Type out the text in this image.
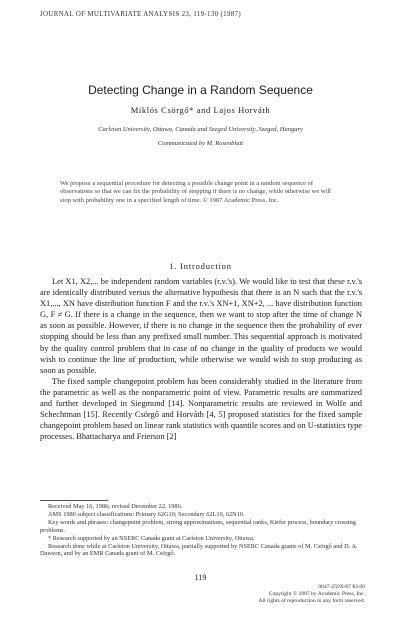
JOURNAL OF MULTIVARIATE ANALYSIS 23, 119-130 (1987)
Detecting Change in a Random Sequence
Miklós Csörgő* and Lajos Horváth
Carleton University, Ottawa, Canada and Szeged University, Szeged, Hungary
Communicated by M. Rosenblatt
We propose a sequential procedure for detecting a possible change point in a random sequence of observations so that we can fix the probability of stopping if there is no change, while otherwise we will stop with probability one in a specified length of time. © 1987 Academic Press, Inc.
1. Introduction

Let X1, X2,... be independent random variables (r.v.'s). We would like to test that these r.v.'s are identically distributed versus the alternative hypothesis that there is an N such that the r.v.'s X1,..., XN have distribution function F and the r.v.'s XN+1, XN+2, ... have distribution function G, F ≠ G. If there is a change in the sequence, then we want to stop after the time of change N as soon as possible. However, if there is no change in the sequence then the probability of ever stopping should be less than any prefixed small number. This sequential approach is motivated by the quality control problem that in case of no change in the quality of products we would wish to continue the line of production, while otherwise we would wish to stop producing as soon as possible.

The fixed sample changepoint problem has been considerably studied in the literature from the parametric as well as the nonparametric point of view. Parametric results are summarized and further developed in Siegmund [14]. Nonparametric results are reviewed in Wolfe and Schechtman [15]. Recently Csörgő and Horváth [4, 5] proposed statistics for the fixed sample changepoint problem based on linear rank statistics with quantile scores and on U-statistics type processes. Bhattacharya and Frierson [2]

Received May 16, 1986; revised December 22, 1986.

AMS 1980 subject classifications: Primary 62G10; Secondary 62L10, 62N10.

Key words and phrases: changepoint problem, strong approximations, sequential ranks, Kiefer process, boundary crossing problems.

* Research supported by an NSERC Canada grant at Carleton University, Ottawa.

Research done while at Carleton University, Ottawa, partially supported by NSERC Canada grants of M. Csörgő and D. A. Dawson, and by an EMR Canada grant of M. Csörgő.

119
0047-259X/87 $3.00
Copyright © 1987 by Academic Press, Inc.
All rights of reproduction in any form reserved.
